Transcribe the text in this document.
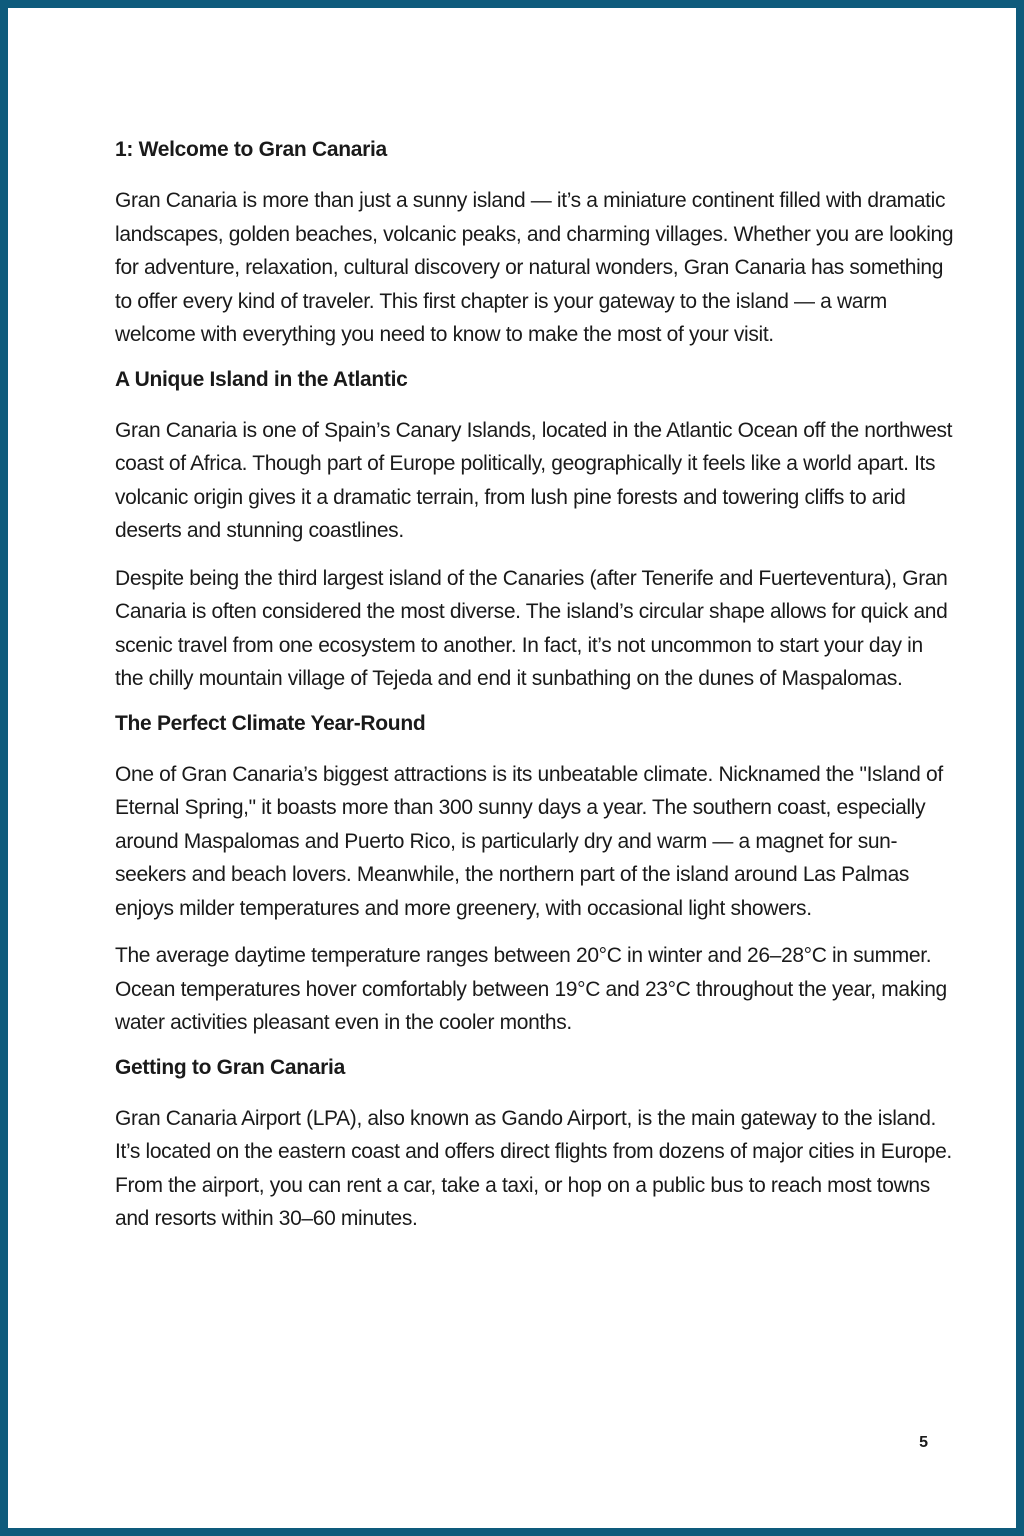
1: Welcome to Gran Canaria

Gran Canaria is more than just a sunny island — it’s a miniature continent filled with dramatic landscapes, golden beaches, volcanic peaks, and charming villages. Whether you are looking for adventure, relaxation, cultural discovery or natural wonders, Gran Canaria has something to offer every kind of traveler. This first chapter is your gateway to the island — a warm welcome with everything you need to know to make the most of your visit.

A Unique Island in the Atlantic

Gran Canaria is one of Spain’s Canary Islands, located in the Atlantic Ocean off the northwest coast of Africa. Though part of Europe politically, geographically it feels like a world apart. Its volcanic origin gives it a dramatic terrain, from lush pine forests and towering cliffs to arid deserts and stunning coastlines.

Despite being the third largest island of the Canaries (after Tenerife and Fuerteventura), Gran Canaria is often considered the most diverse. The island’s circular shape allows for quick and scenic travel from one ecosystem to another. In fact, it’s not uncommon to start your day in the chilly mountain village of Tejeda and end it sunbathing on the dunes of Maspalomas.

The Perfect Climate Year-Round

One of Gran Canaria’s biggest attractions is its unbeatable climate. Nicknamed the "Island of Eternal Spring," it boasts more than 300 sunny days a year. The southern coast, especially around Maspalomas and Puerto Rico, is particularly dry and warm — a magnet for sun-seekers and beach lovers. Meanwhile, the northern part of the island around Las Palmas enjoys milder temperatures and more greenery, with occasional light showers.

The average daytime temperature ranges between 20°C in winter and 26–28°C in summer. Ocean temperatures hover comfortably between 19°C and 23°C throughout the year, making water activities pleasant even in the cooler months.

Getting to Gran Canaria

Gran Canaria Airport (LPA), also known as Gando Airport, is the main gateway to the island. It’s located on the eastern coast and offers direct flights from dozens of major cities in Europe. From the airport, you can rent a car, take a taxi, or hop on a public bus to reach most towns and resorts within 30–60 minutes.

5
